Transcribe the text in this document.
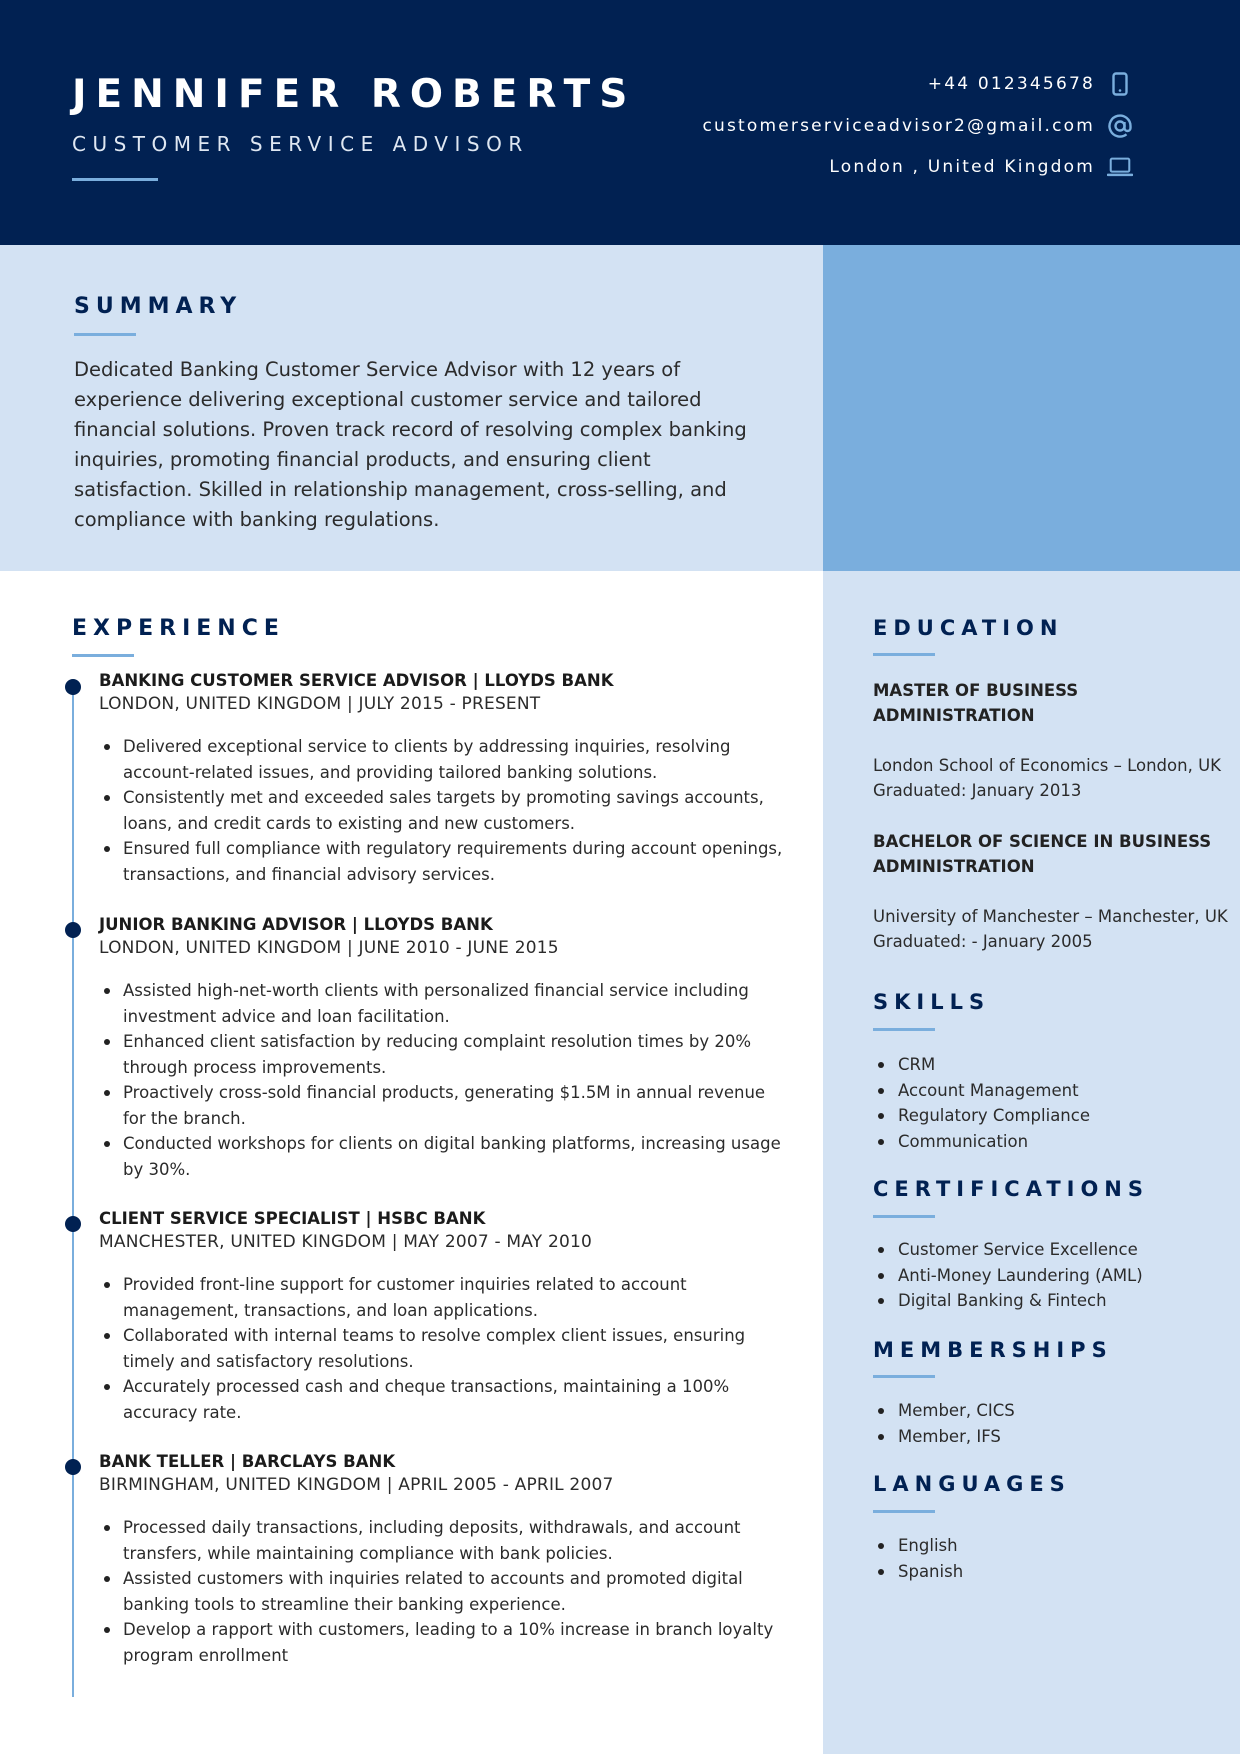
JENNIFER ROBERTS
CUSTOMER SERVICE ADVISOR
+44 012345678
customerserviceadvisor2@gmail.com
London , United Kingdom
SUMMARY
Dedicated Banking Customer Service Advisor with 12 years of experience delivering exceptional customer service and tailored financial solutions. Proven track record of resolving complex banking inquiries, promoting financial products, and ensuring client satisfaction. Skilled in relationship management, cross-selling, and compliance with banking regulations.
EDUCATION
MASTER OF BUSINESS ADMINISTRATION
London School of Economics – London, UK
Graduated: January 2013
BACHELOR OF SCIENCE IN BUSINESS ADMINISTRATION
University of Manchester – Manchester, UK
Graduated: - January 2005
SKILLS
CRM
Account Management
Regulatory Compliance
Communication
CERTIFICATIONS
Customer Service Excellence
Anti-Money Laundering (AML)
Digital Banking & Fintech
MEMBERSHIPS
Member, CICS
Member, IFS
LANGUAGES
English
Spanish
EXPERIENCE
BANKING CUSTOMER SERVICE ADVISOR | LLOYDS BANK
LONDON, UNITED KINGDOM | JULY 2015 - PRESENT
Delivered exceptional service to clients by addressing inquiries, resolving account-related issues, and providing tailored banking solutions.
Consistently met and exceeded sales targets by promoting savings accounts, loans, and credit cards to existing and new customers.
Ensured full compliance with regulatory requirements during account openings, transactions, and financial advisory services.
JUNIOR BANKING ADVISOR | LLOYDS BANK
LONDON, UNITED KINGDOM | JUNE 2010 - JUNE 2015
Assisted high-net-worth clients with personalized financial service including investment advice and loan facilitation.
Enhanced client satisfaction by reducing complaint resolution times by 20% through process improvements.
Proactively cross-sold financial products, generating $1.5M in annual revenue for the branch.
Conducted workshops for clients on digital banking platforms, increasing usage by 30%.
CLIENT SERVICE SPECIALIST | HSBC BANK
MANCHESTER, UNITED KINGDOM | MAY 2007 - MAY 2010
Provided front-line support for customer inquiries related to account management, transactions, and loan applications.
Collaborated with internal teams to resolve complex client issues, ensuring timely and satisfactory resolutions.
Accurately processed cash and cheque transactions, maintaining a 100% accuracy rate.
BANK TELLER | BARCLAYS BANK
BIRMINGHAM, UNITED KINGDOM | APRIL 2005 - APRIL 2007
Processed daily transactions, including deposits, withdrawals, and account transfers, while maintaining compliance with bank policies.
Assisted customers with inquiries related to accounts and promoted digital banking tools to streamline their banking experience.
Develop a rapport with customers, leading to a 10% increase in branch loyalty program enrollment
